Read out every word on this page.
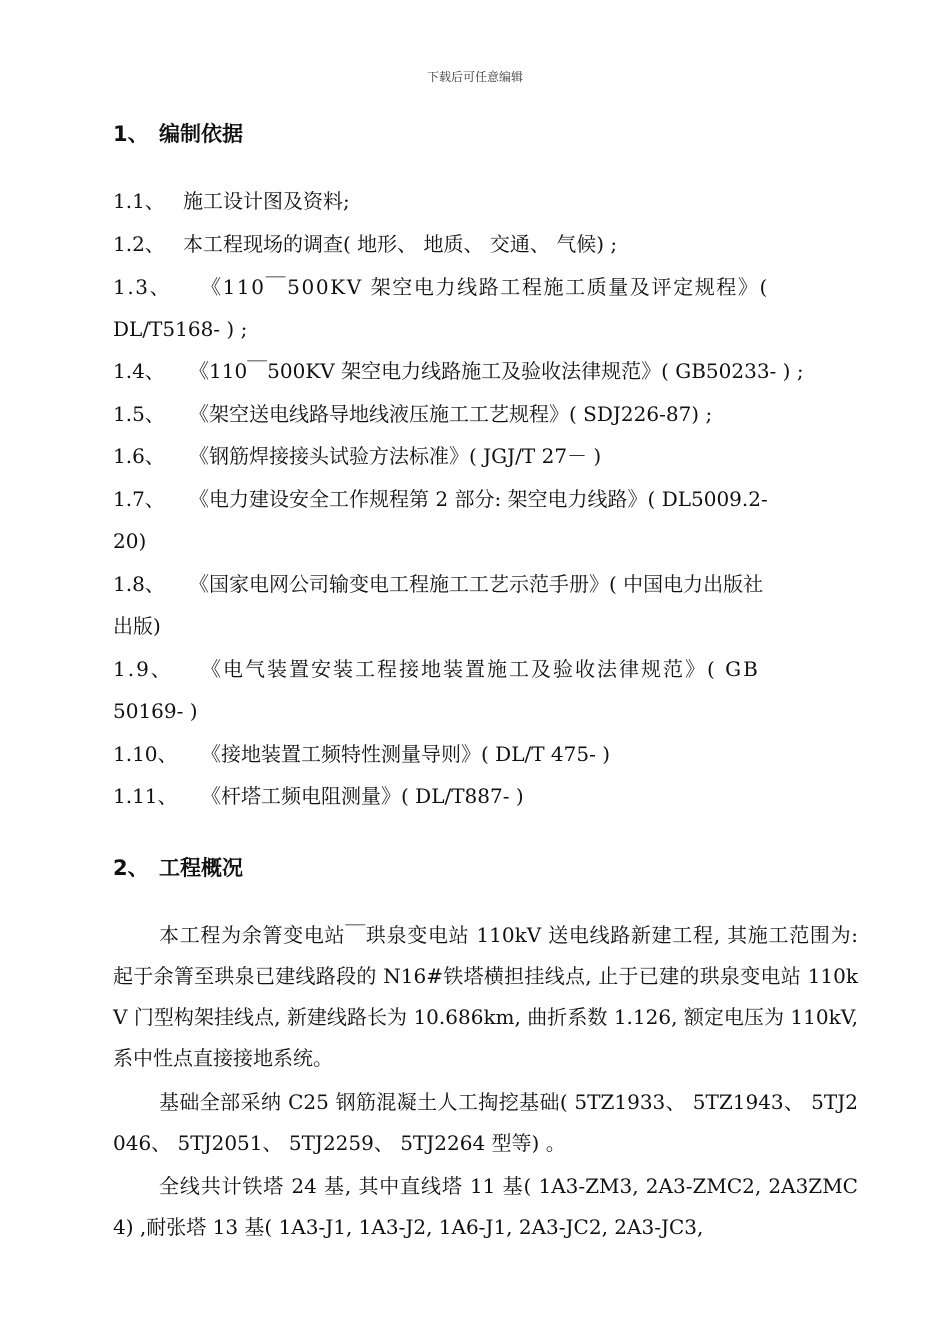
下载后可任意编辑
1、 编制依据
1.1、 施工设计图及资料;
1.2、 本工程现场的调查( 地形、 地质、 交通、 气候) ;
1.3、 《110￣500KV 架空电力线路工程施工质量及评定规程》(
DL/T5168- ) ;
1.4、 《110￣500KV 架空电力线路施工及验收法律规范》( GB50233- ) ;
1.5、 《架空送电线路导地线液压施工工艺规程》( SDJ226-87) ;
1.6、 《钢筋焊接接头试验方法标准》( JGJ/T 27－ )
1.7、 《电力建设安全工作规程第 2 部分: 架空电力线路》( DL5009.2-
20)
1.8、 《国家电网公司输变电工程施工工艺示范手册》( 中国电力出版社
出版)
1.9、 《电气装置安装工程接地装置施工及验收法律规范》( GB
50169- )
1.10、 《接地装置工频特性测量导则》( DL/T 475- )
1.11、 《杆塔工频电阻测量》( DL/T887- )
2、 工程概况
本工程为余箐变电站￣珙泉变电站 110kV 送电线路新建工程, 其施工范围为: 起于余箐至珙泉已建线路段的 N16#铁塔横担挂线点, 止于已建的珙泉变电站 110kV 门型构架挂线点, 新建线路长为 10.686km, 曲折系数 1.126, 额定电压为 110kV, 系中性点直接接地系统。
基础全部采纳 C25 钢筋混凝土人工掏挖基础( 5TZ1933、 5TZ1943、 5TJ2046、 5TJ2051、 5TJ2259、 5TJ2264 型等) 。
全线共计铁塔 24 基, 其中直线塔 11 基( 1A3-ZM3, 2A3-ZMC2, 2A3ZMC4) ,耐张塔 13 基( 1A3-J1, 1A3-J2, 1A6-J1, 2A3-JC2, 2A3-JC3,
